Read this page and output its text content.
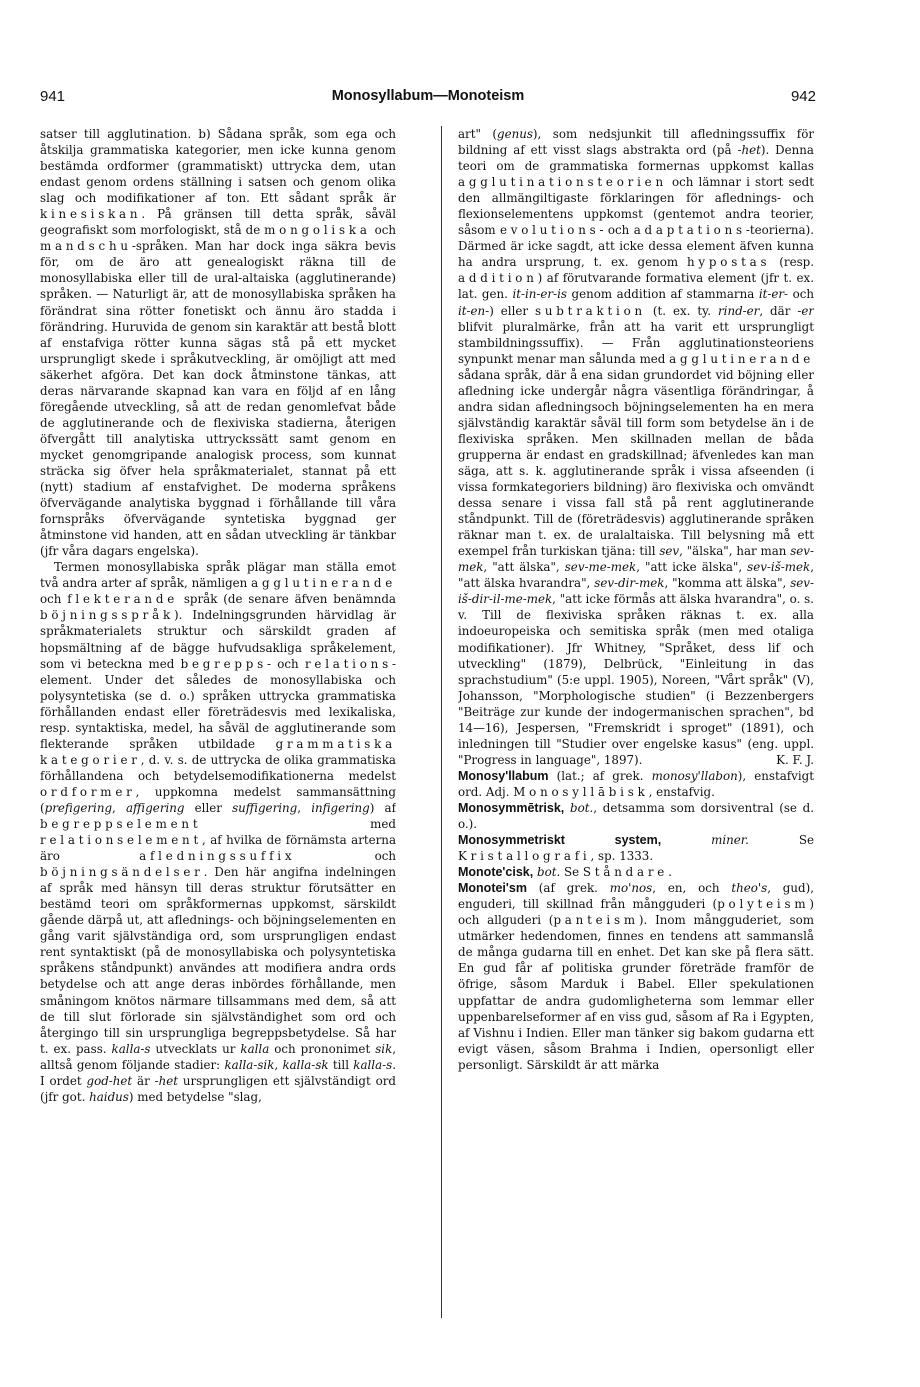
941	Monosyllabum—Monoteism	942

satser till agglutination. b) Sådana språk, som ega och åtskilja grammatiska kategorier, men icke kunna genom bestämda ordformer (grammatiskt) uttrycka dem, utan endast genom ordens ställning i satsen och genom olika slag och modifikationer af ton. Ett sådant språk är kinesiskan. På gränsen till detta språk, såväl geografiskt som morfologiskt, stå de mongoliska och mandschu-språken. Man har dock inga säkra bevis för, om de äro att genealogiskt räkna till de monosyllabiska eller till de ural-altaiska (agglutinerande) språken. — Naturligt är, att de monosyllabiska språken ha förändrat sina rötter fonetiskt och ännu äro stadda i förändring. Huruvida de genom sin karaktär att bestå blott af enstafviga rötter kunna sägas stå på ett mycket ursprungligt skede i språkutveckling, är omöjligt att med säkerhet afgöra. Det kan dock åtminstone tänkas, att deras närvarande skapnad kan vara en följd af en lång föregående utveckling, så att de redan genomlefvat både de agglutinerande och de flexiviska stadierna, återigen öfvergått till analytiska uttryckssätt samt genom en mycket genomgripande analogisk process, som kunnat sträcka sig öfver hela språkmaterialet, stannat på ett (nytt) stadium af enstafvighet. De moderna språkens öfvervägande analytiska byggnad i förhållande till våra fornspråks öfvervägande syntetiska byggnad ger åtminstone vid handen, att en sådan utveckling är tänkbar (jfr våra dagars engelska).

Termen monosyllabiska språk plägar man ställa emot två andra arter af språk, nämligen agglutinerande och flekterande språk (de senare äfven benämnda böjningsspråk). Indelningsgrunden härvidlag är språkmaterialets struktur och särskildt graden af hopsmältning af de bägge hufvudsakliga språkelement, som vi beteckna med begrepps- och relations-element. Under det således de monosyllabiska och polysyntetiska (se d. o.) språken uttrycka grammatiska förhållanden endast eller företrädesvis med lexikaliska, resp. syntaktiska, medel, ha såväl de agglutinerande som flekterande språken utbildade grammatiska kategorier, d. v. s. de uttrycka de olika grammatiska förhållandena och betydelsemodifikationerna medelst ordformer, uppkomna medelst sammansättning (prefigering, affigering eller suffigering, infigering) af begreppselement med relationselement, af hvilka de förnämsta arterna äro afledningssuffix och böjningsändelser. Den här angifna indelningen af språk med hänsyn till deras struktur förutsätter en bestämd teori om språkformernas uppkomst, särskildt gående därpå ut, att aflednings- och böjningselementen en gång varit självständiga ord, som ursprungligen endast rent syntaktiskt (på de monosyllabiska och polysyntetiska språkens ståndpunkt) användes att modifiera andra ords betydelse och att ange deras inbördes förhållande, men småningom knötos närmare tillsammans med dem, så att de till slut förlorade sin självständighet som ord och återgingo till sin ursprungliga begreppsbetydelse. Så har t. ex. pass. kalla-s utvecklats ur kalla och prononimet sik, alltså genom följande stadier: kalla-sik, kalla-sk till kalla-s. I ordet god-het är -het ursprungligen ett självständigt ord (jfr got. haidus) med betydelse "slag,

art" (genus), som nedsjunkit till afledningssuffix för bildning af ett visst slags abstrakta ord (på -het). Denna teori om de grammatiska formernas uppkomst kallas agglutinationsteorien och lämnar i stort sedt den allmängiltigaste förklaringen för aflednings- och flexionselementens uppkomst (gentemot andra teorier, såsom evolutions- och adaptations-teorierna). Därmed är icke sagdt, att icke dessa element äfven kunna ha andra ursprung, t. ex. genom hypostas (resp. addition) af förutvarande formativa element (jfr t. ex. lat. gen. it-in-er-is genom addition af stammarna it-er- och it-en-) eller subtraktion (t. ex. ty. rind-er, där -er blifvit pluralmärke, från att ha varit ett ursprungligt stambildningssuffix). — Från agglutinationsteoriens synpunkt menar man sålunda med agglutinerande sådana språk, där å ena sidan grundordet vid böjning eller afledning icke undergår några väsentliga förändringar, å andra sidan afledningsoch böjningselementen ha en mera självständig karaktär såväl till form som betydelse än i de flexiviska språken. Men skillnaden mellan de båda grupperna är endast en gradskillnad; äfvenledes kan man säga, att s. k. agglutinerande språk i vissa afseenden (i vissa formkategoriers bildning) äro flexiviska och omvändt dessa senare i vissa fall stå på rent agglutinerande ståndpunkt. Till de (företrädesvis) agglutinerande språken räknar man t. ex. de uralaltaiska. Till belysning må ett exempel från turkiskan tjäna: till sev, "älska", har man sev-mek, "att älska", sev-me-mek, "att icke älska", sev-iš-mek, "att älska hvarandra", sev-dir-mek, "komma att älska", sev-iš-dir-il-me-mek, "att icke förmås att älska hvarandra", o. s. v. Till de flexiviska språken räknas t. ex. alla indoeuropeiska och semitiska språk (men med otaliga modifikationer). Jfr Whitney, "Språket, dess lif och utveckling" (1879), Delbrück, "Einleitung in das sprachstudium" (5:e uppl. 1905), Noreen, "Vårt språk" (V), Johansson, "Morphologische studien" (i Bezzenbergers "Beiträge zur kunde der indogermanischen sprachen", bd 14—16), Jespersen, "Fremskridt i sproget" (1891), och inledningen till "Studier over engelske kasus" (eng. uppl. "Progress in language", 1897).	K. F. J.

Monosy'llabum (lat.; af grek. monosy'llabon), enstafvigt ord. Adj. Monosyllābisk, enstafvig.

Monosymmētrisk, bot., detsamma som dorsiventral (se d. o.).

Monosymmetriskt system,	miner. Se Kristallografi, sp. 1333.

Monote'cisk, bot. Se Ståndare.

Monotei'sm (af grek. mo'nos, en, och theo's, gud), enguderi, till skillnad från mångguderi (polyteism) och allguderi (panteism). Inom mångguderiet, som utmärker hedendomen, finnes en tendens att sammanslå de många gudarna till en enhet. Det kan ske på flera sätt. En gud får af politiska grunder företräde framför de öfrige, såsom Marduk i Babel. Eller spekulationen uppfattar de andra gudomligheterna som lemmar eller uppenbarelseformer af en viss gud, såsom af Ra i Egypten, af Vishnu i Indien. Eller man tänker sig bakom gudarna ett evigt väsen, såsom Brahma i Indien, opersonligt eller personligt. Särskildt är att märka
